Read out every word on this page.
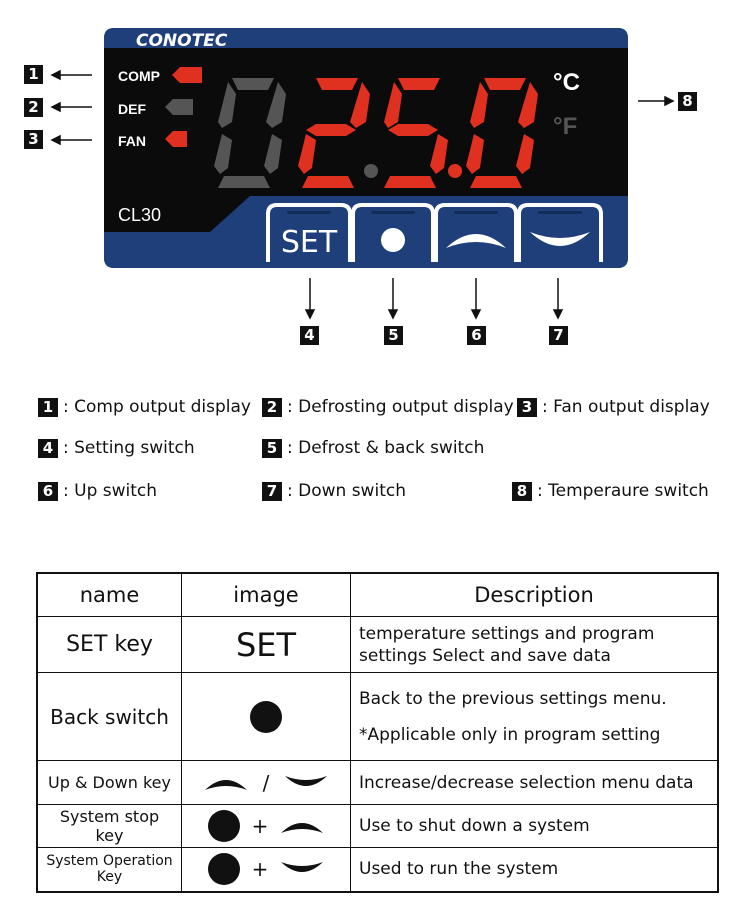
CONOTEC
COMP
DEF
FAN
°C
°F
CL30
SET
1
2
3
4	5	6	7
8
1 : Comp output display	2 : Defrosting output display 3 : Fan output display
4 : Setting switch	5 : Defrost & back switch
6 : Up switch	7 : Down switch	8 : Temperaure switch
name	image	Description
SET key	SET	temperature settings and program
settings Select and save data

Back switch		Back to the previous settings menu.
*Applicable only in program setting

Up & Down key	/	Increase/decrease selection menu data
System stop key	+	Use to shut down a system
System Operation Key	+	Used to run the system
